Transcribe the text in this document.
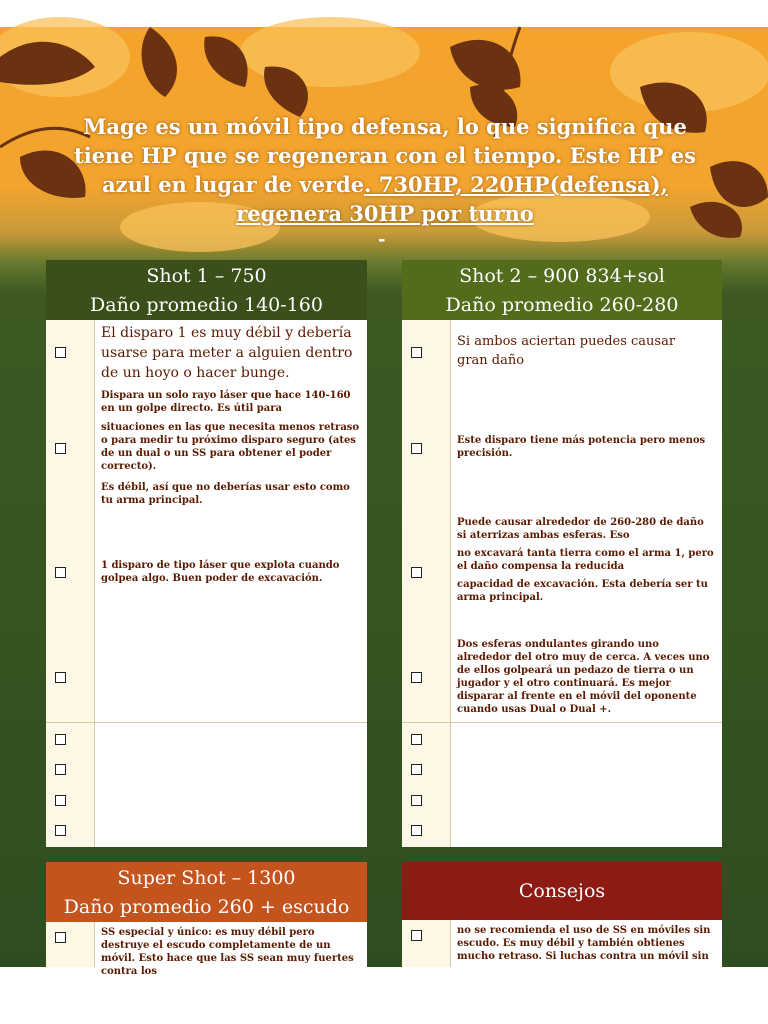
Mage es un móvil tipo defensa, lo que significa que tiene HP que se regeneran con el tiempo. Este HP es azul en lugar de verde. 730HP, 220HP(defensa), regenera 30HP por turno
-
Shot 1 – 750
Daño promedio 140-160
El disparo 1 es muy débil y debería usarse para meter a alguien dentro de un hoyo o hacer bunge.
Dispara un solo rayo láser que hace 140-160 en un golpe directo. Es útil para
situaciones en las que necesita menos retraso o para medir tu próximo disparo seguro (ates de un dual o un SS para obtener el poder correcto).
Es débil, así que no deberías usar esto como tu arma principal.
1 disparo de tipo láser que explota cuando golpea algo. Buen poder de excavación.
Shot 2 – 900 834+sol
Daño promedio 260-280
Si ambos aciertan puedes causar gran daño
Este disparo tiene más potencia pero menos precisión.
Puede causar alrededor de 260-280 de daño si aterrizas ambas esferas. Eso
no excavará tanta tierra como el arma 1, pero el daño compensa la reducida
capacidad de excavación. Esta debería ser tu arma principal.
Dos esferas ondulantes girando uno alrededor del otro muy de cerca. A veces uno de ellos golpeará un pedazo de tierra o un jugador y el otro continuará. Es mejor disparar al frente en el móvil del oponente cuando usas Dual o Dual +.
Super Shot – 1300
Daño promedio 260 + escudo
SS especial y único: es muy débil pero destruye el escudo completamente de un móvil. Esto hace que las SS sean muy fuertes contra los
Consejos
no se recomienda el uso de SS en móviles sin escudo. Es muy débil y también obtienes mucho retraso. Si luchas contra un móvil sin
